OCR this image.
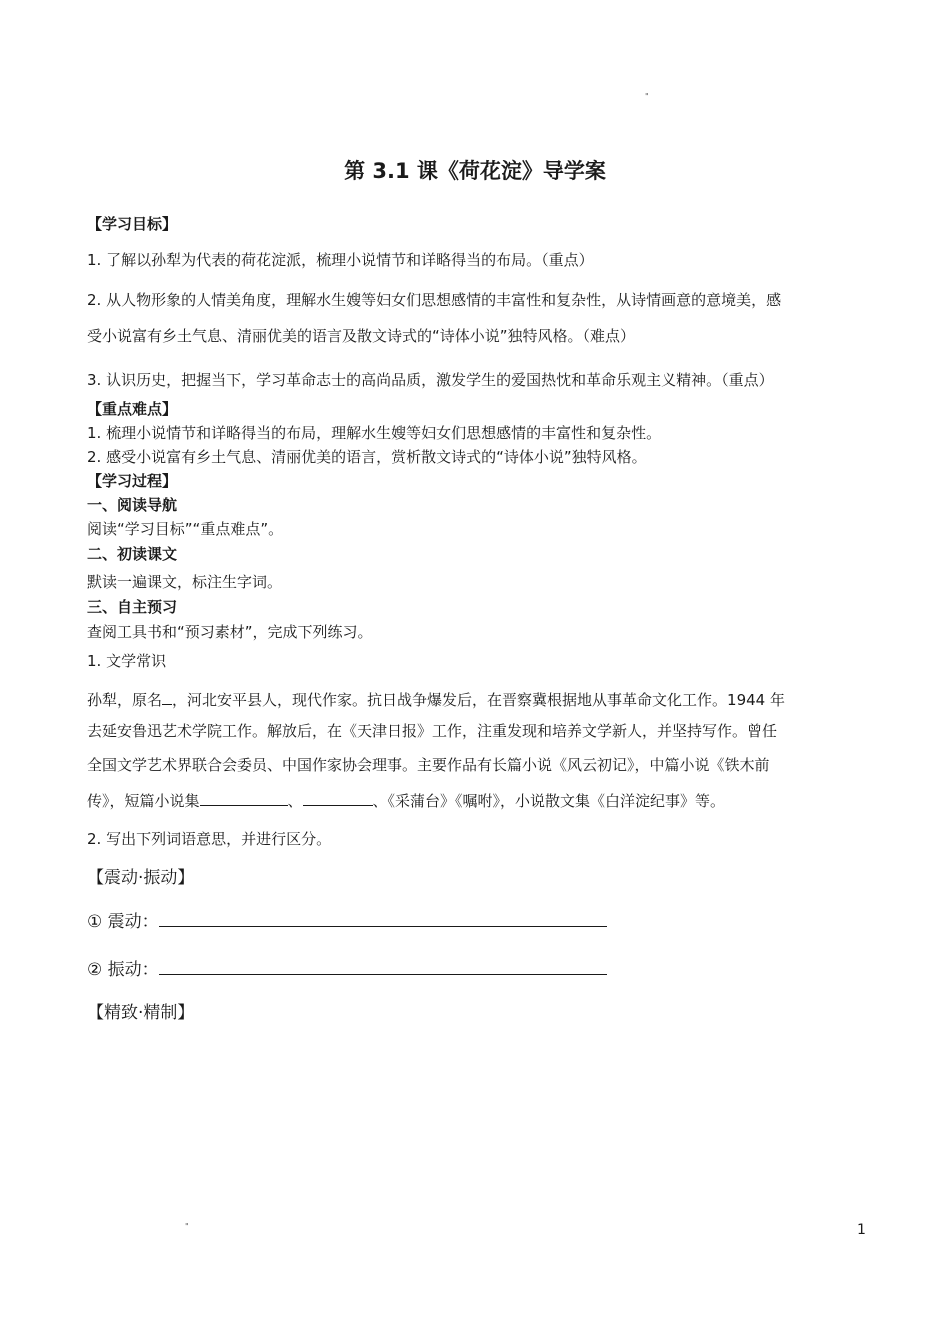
"
第 3.1 课《荷花淀》导学案
【学习目标】
1. 了解以孙犁为代表的荷花淀派，梳理小说情节和详略得当的布局。（重点）
2. 从人物形象的人情美角度，理解水生嫂等妇女们思想感情的丰富性和复杂性，从诗情画意的意境美，感
受小说富有乡土气息、清丽优美的语言及散文诗式的“诗体小说”独特风格。（难点）
3. 认识历史，把握当下，学习革命志士的高尚品质，激发学生的爱国热忱和革命乐观主义精神。（重点）
【重点难点】
1. 梳理小说情节和详略得当的布局，理解水生嫂等妇女们思想感情的丰富性和复杂性。
2. 感受小说富有乡土气息、清丽优美的语言，赏析散文诗式的“诗体小说”独特风格。
【学习过程】
一、阅读导航
阅读“学习目标”“重点难点”。
二、初读课文
默读一遍课文，标注生字词。
三、自主预习
查阅工具书和“预习素材”，完成下列练习。
1. 文学常识
孙犁，原名 ，河北安平县人，现代作家。抗日战争爆发后，在晋察冀根据地从事革命文化工作。1944 年
去延安鲁迅艺术学院工作。解放后，在《天津日报》工作，注重发现和培养文学新人，并坚持写作。曾任
全国文学艺术界联合会委员、中国作家协会理事。主要作品有长篇小说《风云初记》，中篇小说《铁木前
传》，短篇小说集	、	、《采蒲台》《嘱咐》，小说散文集《白洋淀纪事》等。
2. 写出下列词语意思，并进行区分。
【震动·振动】
① 震动：
② 振动：
【精致·精制】
"	1
